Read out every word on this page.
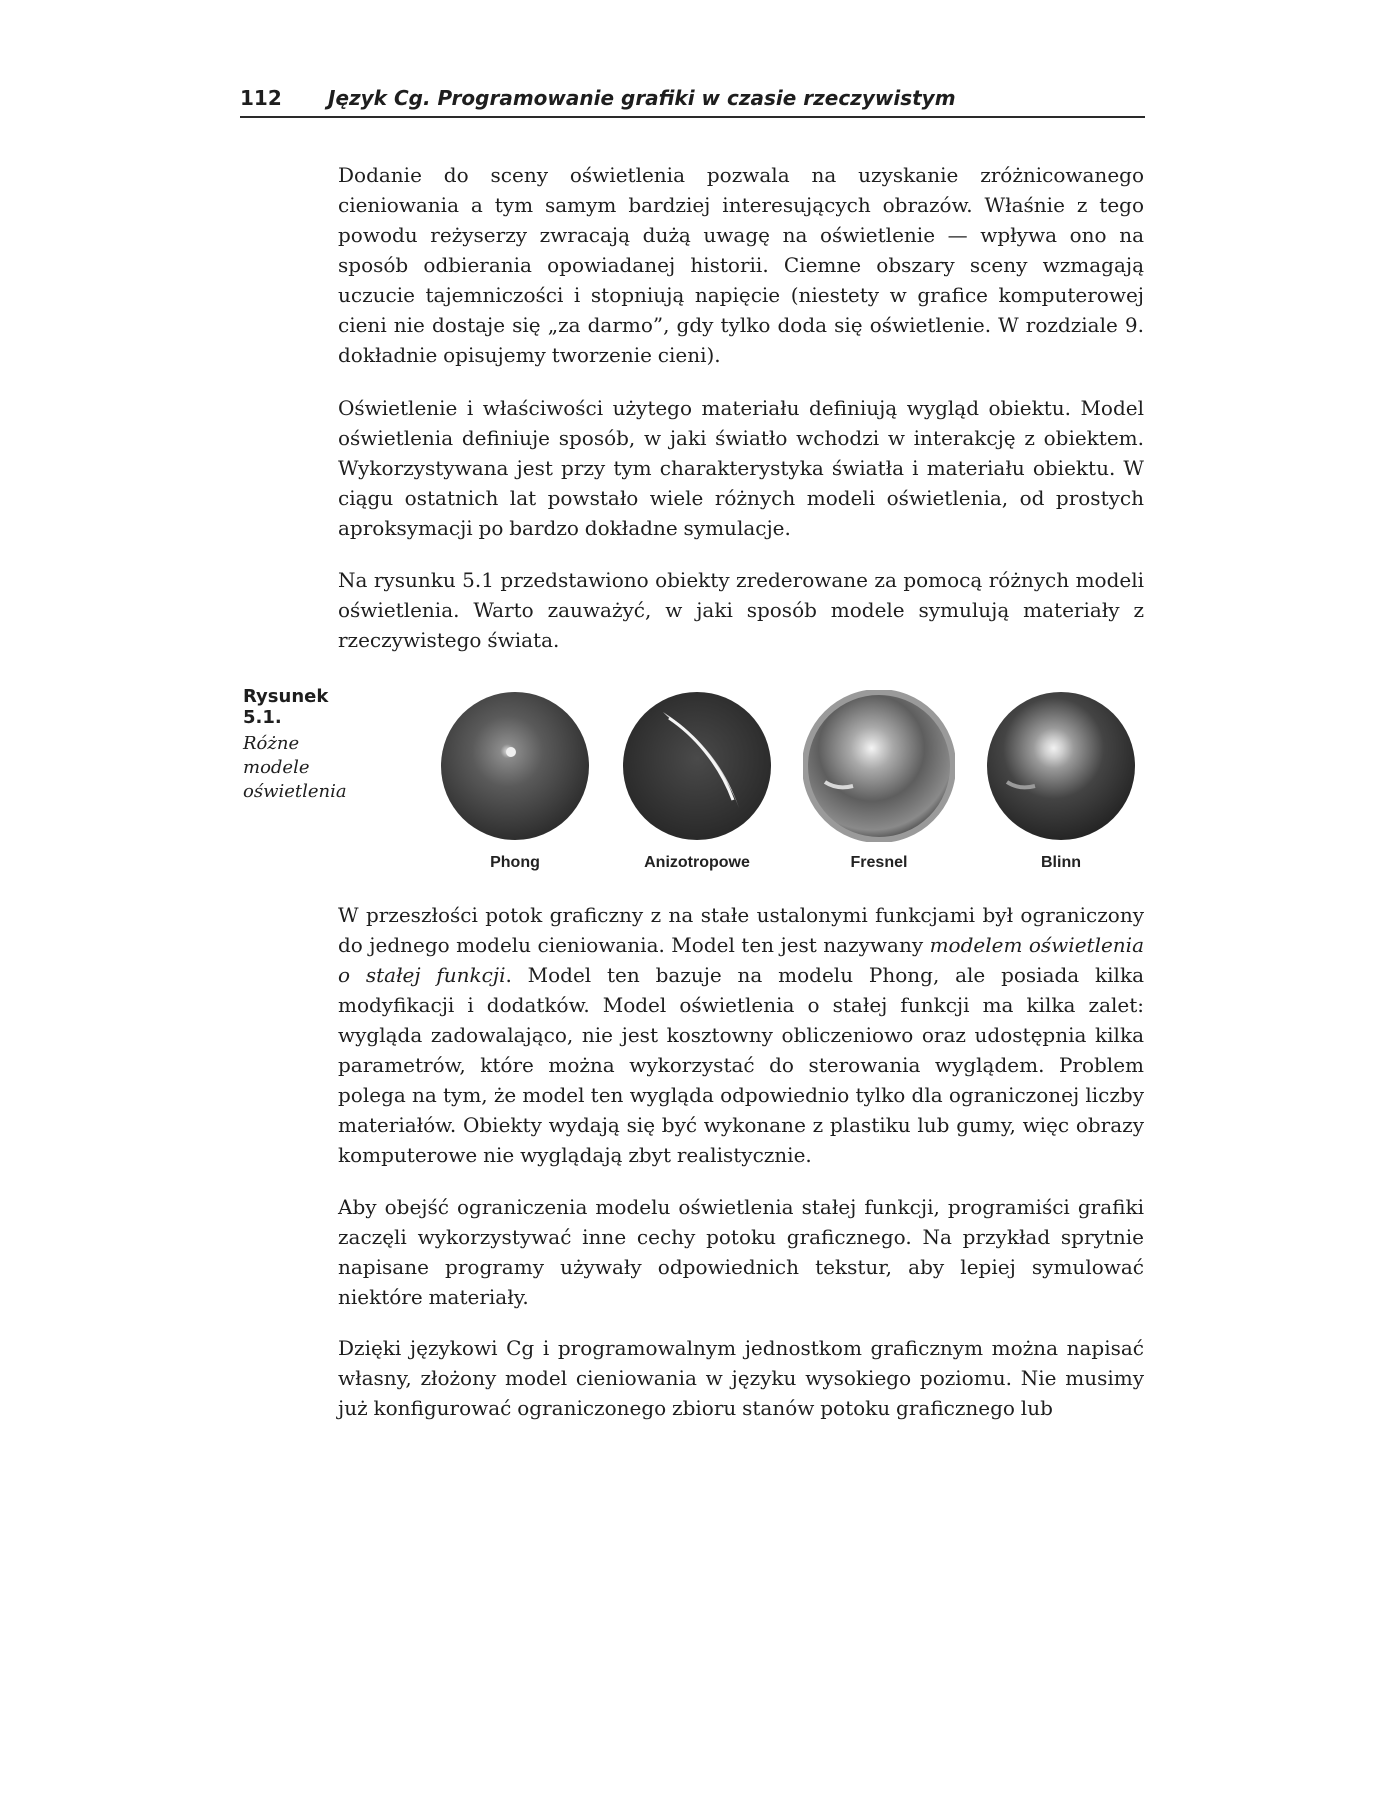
112 Język Cg. Programowanie grafiki w czasie rzeczywistym

Dodanie do sceny oświetlenia pozwala na uzyskanie zróżnicowanego cieniowania a tym samym bardziej interesujących obrazów. Właśnie z tego powodu reżyserzy zwracają dużą uwagę na oświetlenie — wpływa ono na sposób odbierania opowiadanej historii. Ciemne obszary sceny wzmagają uczucie tajemniczości i stopniują napięcie (niestety w grafice komputerowej cieni nie dostaje się „za darmo”, gdy tylko doda się oświetlenie. W rozdziale 9. dokładnie opisujemy tworzenie cieni).

Oświetlenie i właściwości użytego materiału definiują wygląd obiektu. Model oświetlenia definiuje sposób, w jaki światło wchodzi w interakcję z obiektem. Wykorzystywana jest przy tym charakterystyka światła i materiału obiektu. W ciągu ostatnich lat powstało wiele różnych modeli oświetlenia, od prostych aproksymacji po bardzo dokładne symulacje.

Na rysunku 5.1 przedstawiono obiekty zrederowane za pomocą różnych modeli oświetlenia. Warto zauważyć, w jaki sposób modele symulują materiały z rzeczywistego świata.

Rysunek 5.1.
Różne modele oświetlenia
Phong	Anizotropowe	Fresnel	Blinn

W przeszłości potok graficzny z na stałe ustalonymi funkcjami był ograniczony do jednego modelu cieniowania. Model ten jest nazywany modelem oświetlenia o stałej funkcji. Model ten bazuje na modelu Phong, ale posiada kilka modyfikacji i dodatków. Model oświetlenia o stałej funkcji ma kilka zalet: wygląda zadowalająco, nie jest kosztowny obliczeniowo oraz udostępnia kilka parametrów, które można wykorzystać do sterowania wyglądem. Problem polega na tym, że model ten wygląda odpowiednio tylko dla ograniczonej liczby materiałów. Obiekty wydają się być wykonane z plastiku lub gumy, więc obrazy komputerowe nie wyglądają zbyt realistycznie.

Aby obejść ograniczenia modelu oświetlenia stałej funkcji, programiści grafiki zaczęli wykorzystywać inne cechy potoku graficznego. Na przykład sprytnie napisane programy używały odpowiednich tekstur, aby lepiej symulować niektóre materiały.

Dzięki językowi Cg i programowalnym jednostkom graficznym można napisać własny, złożony model cieniowania w języku wysokiego poziomu. Nie musimy już konfigurować ograniczonego zbioru stanów potoku graficznego lub
